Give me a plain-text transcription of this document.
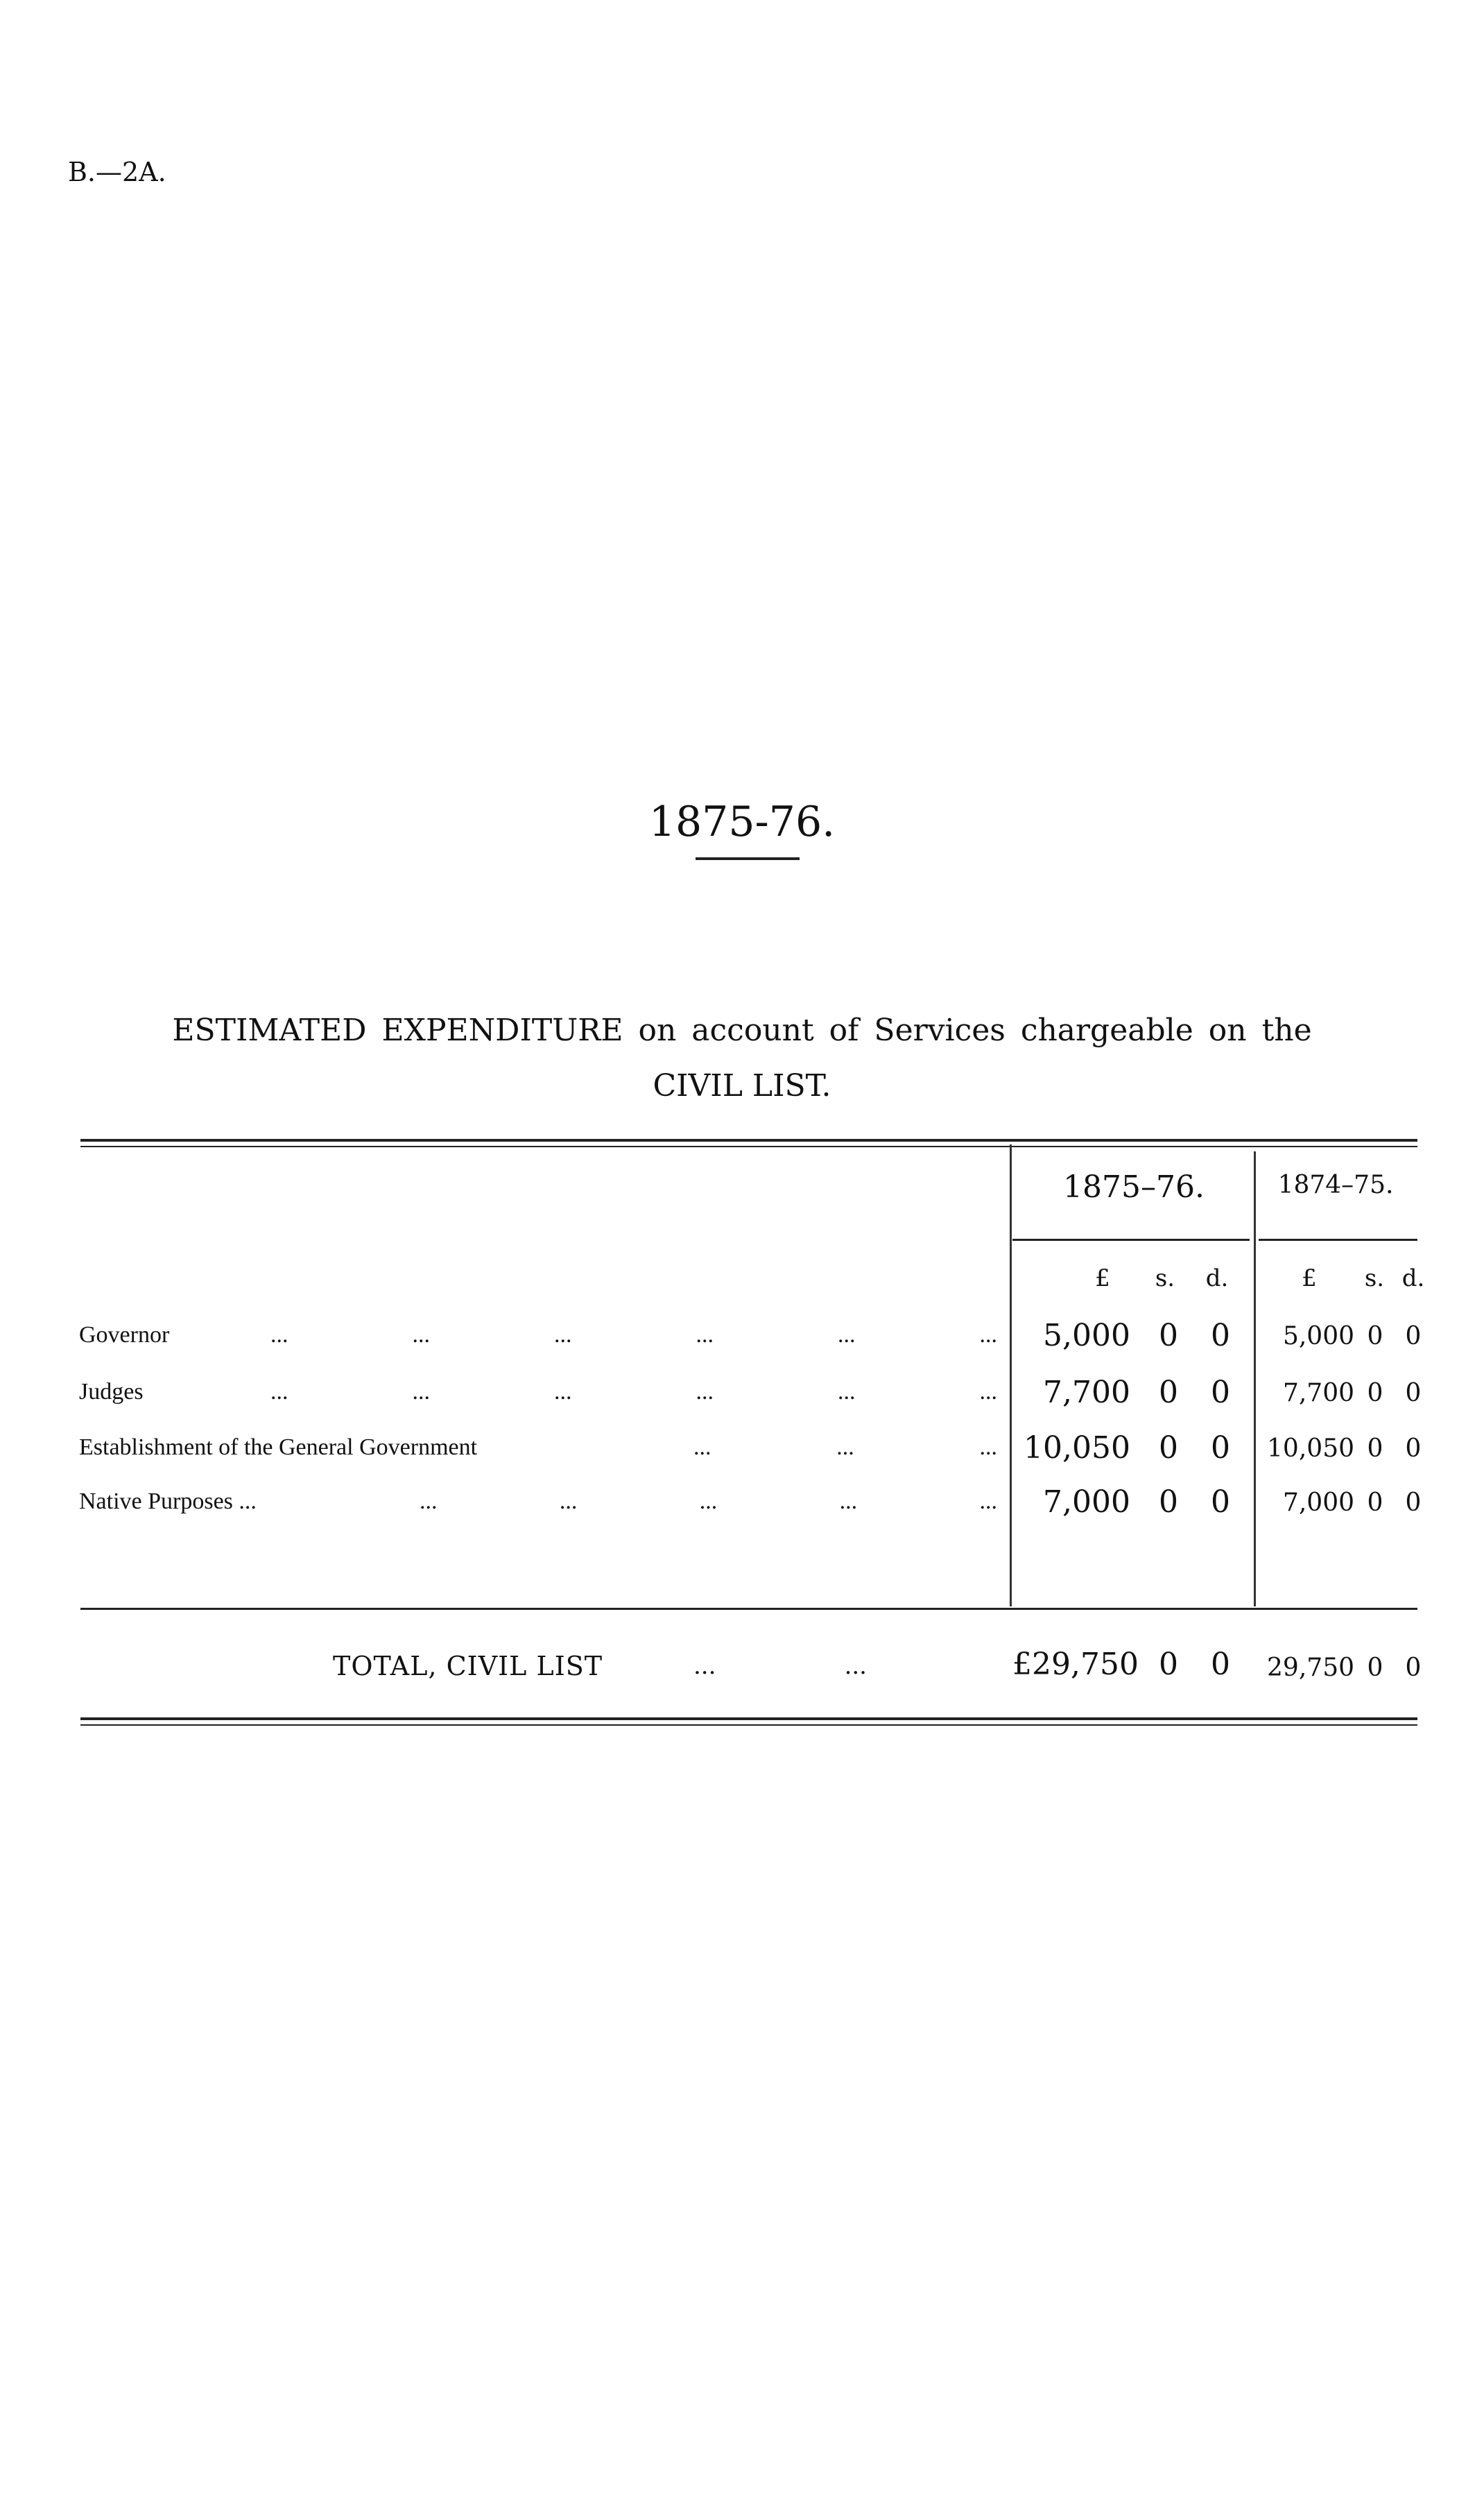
B.—2A.
1875-76.
ESTIMATED EXPENDITURE on account of Services chargeable on the
CIVIL LIST.
1875–76.	1874–75.
£	s.	d.	£	s. d.
Governor	...	...	...	...	...	...	5,000 0 0	5,000 0 0
Judges	...	...	...	...	...	...	7,700 0 0	7,700 0 0
Establishment of the General Government	...	...	... 10,050 0 0	10,050 0 0
Native Purposes ...	...	...	...	...	...	7,000 0 0	7,000 0 0
TOTAL, CIVIL LIST	...	...	£29,750 0 0	29,750 0 0
